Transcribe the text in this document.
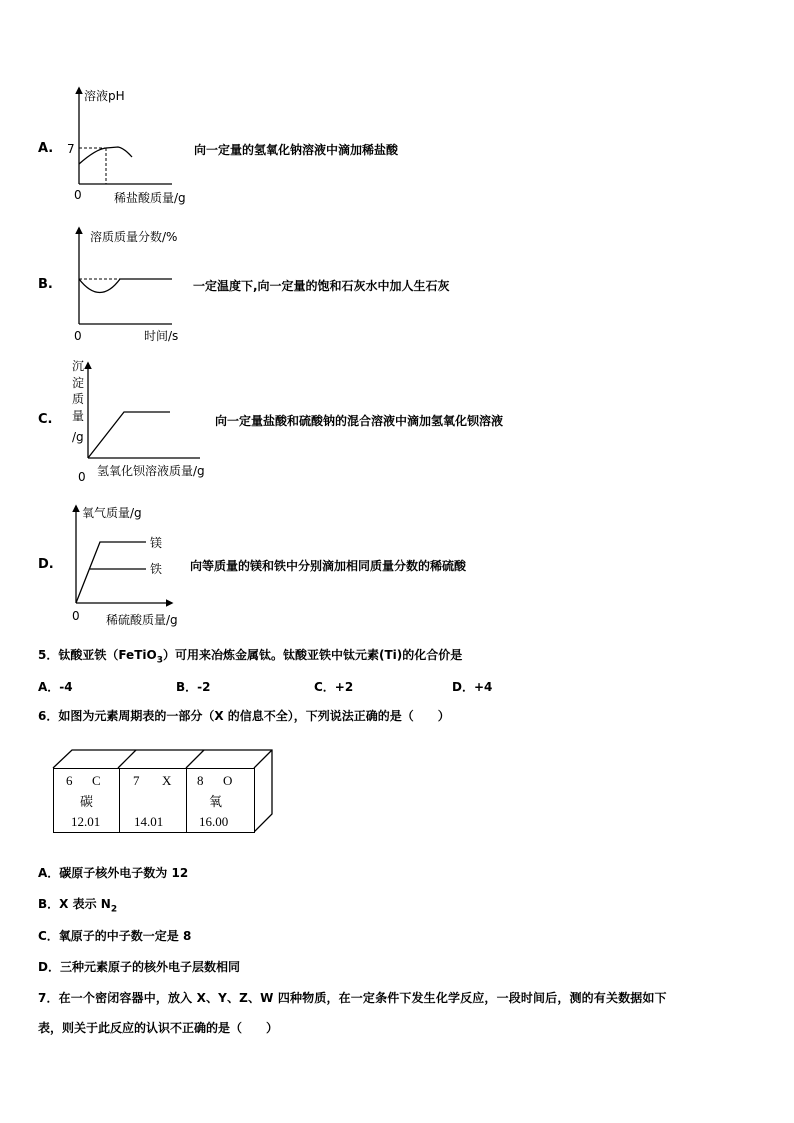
A.
溶液pH
7
0	稀盐酸质量/g
向一定量的氢氧化钠溶液中滴加稀盐酸
B.
溶质质量分数/%
0	时间/s
一定温度下,向一定量的饱和石灰水中加人生石灰
C.
沉
淀
质
量
/g
0 氢氧化钡溶液质量/g
向一定量盐酸和硫酸钠的混合溶液中滴加氢氧化钡溶液
D.
氧气质量/g
镁
铁
0 稀硫酸质量/g
向等质量的镁和铁中分别滴加相同质量分数的稀硫酸
5．钛酸亚铁（FeTiO$_3$）可用来冶炼金属钛。钛酸亚铁中钛元素(Ti)的化合价是
A．-4	B．-2	C．+2	D．+4
6．如图为元素周期表的一部分（X 的信息不全），下列说法正确的是（　　）
6 C
碳
12.01
7 X
14.01
8 O
氧
16.00
A．碳原子核外电子数为 12
B．X 表示 $N_2$
C．氧原子的中子数一定是 8
D．三种元素原子的核外电子层数相同
7．在一个密闭容器中，放入 X、Y、Z、W 四种物质，在一定条件下发生化学反应，一段时间后，测的有关数据如下
表，则关于此反应的认识不正确的是（　　）
